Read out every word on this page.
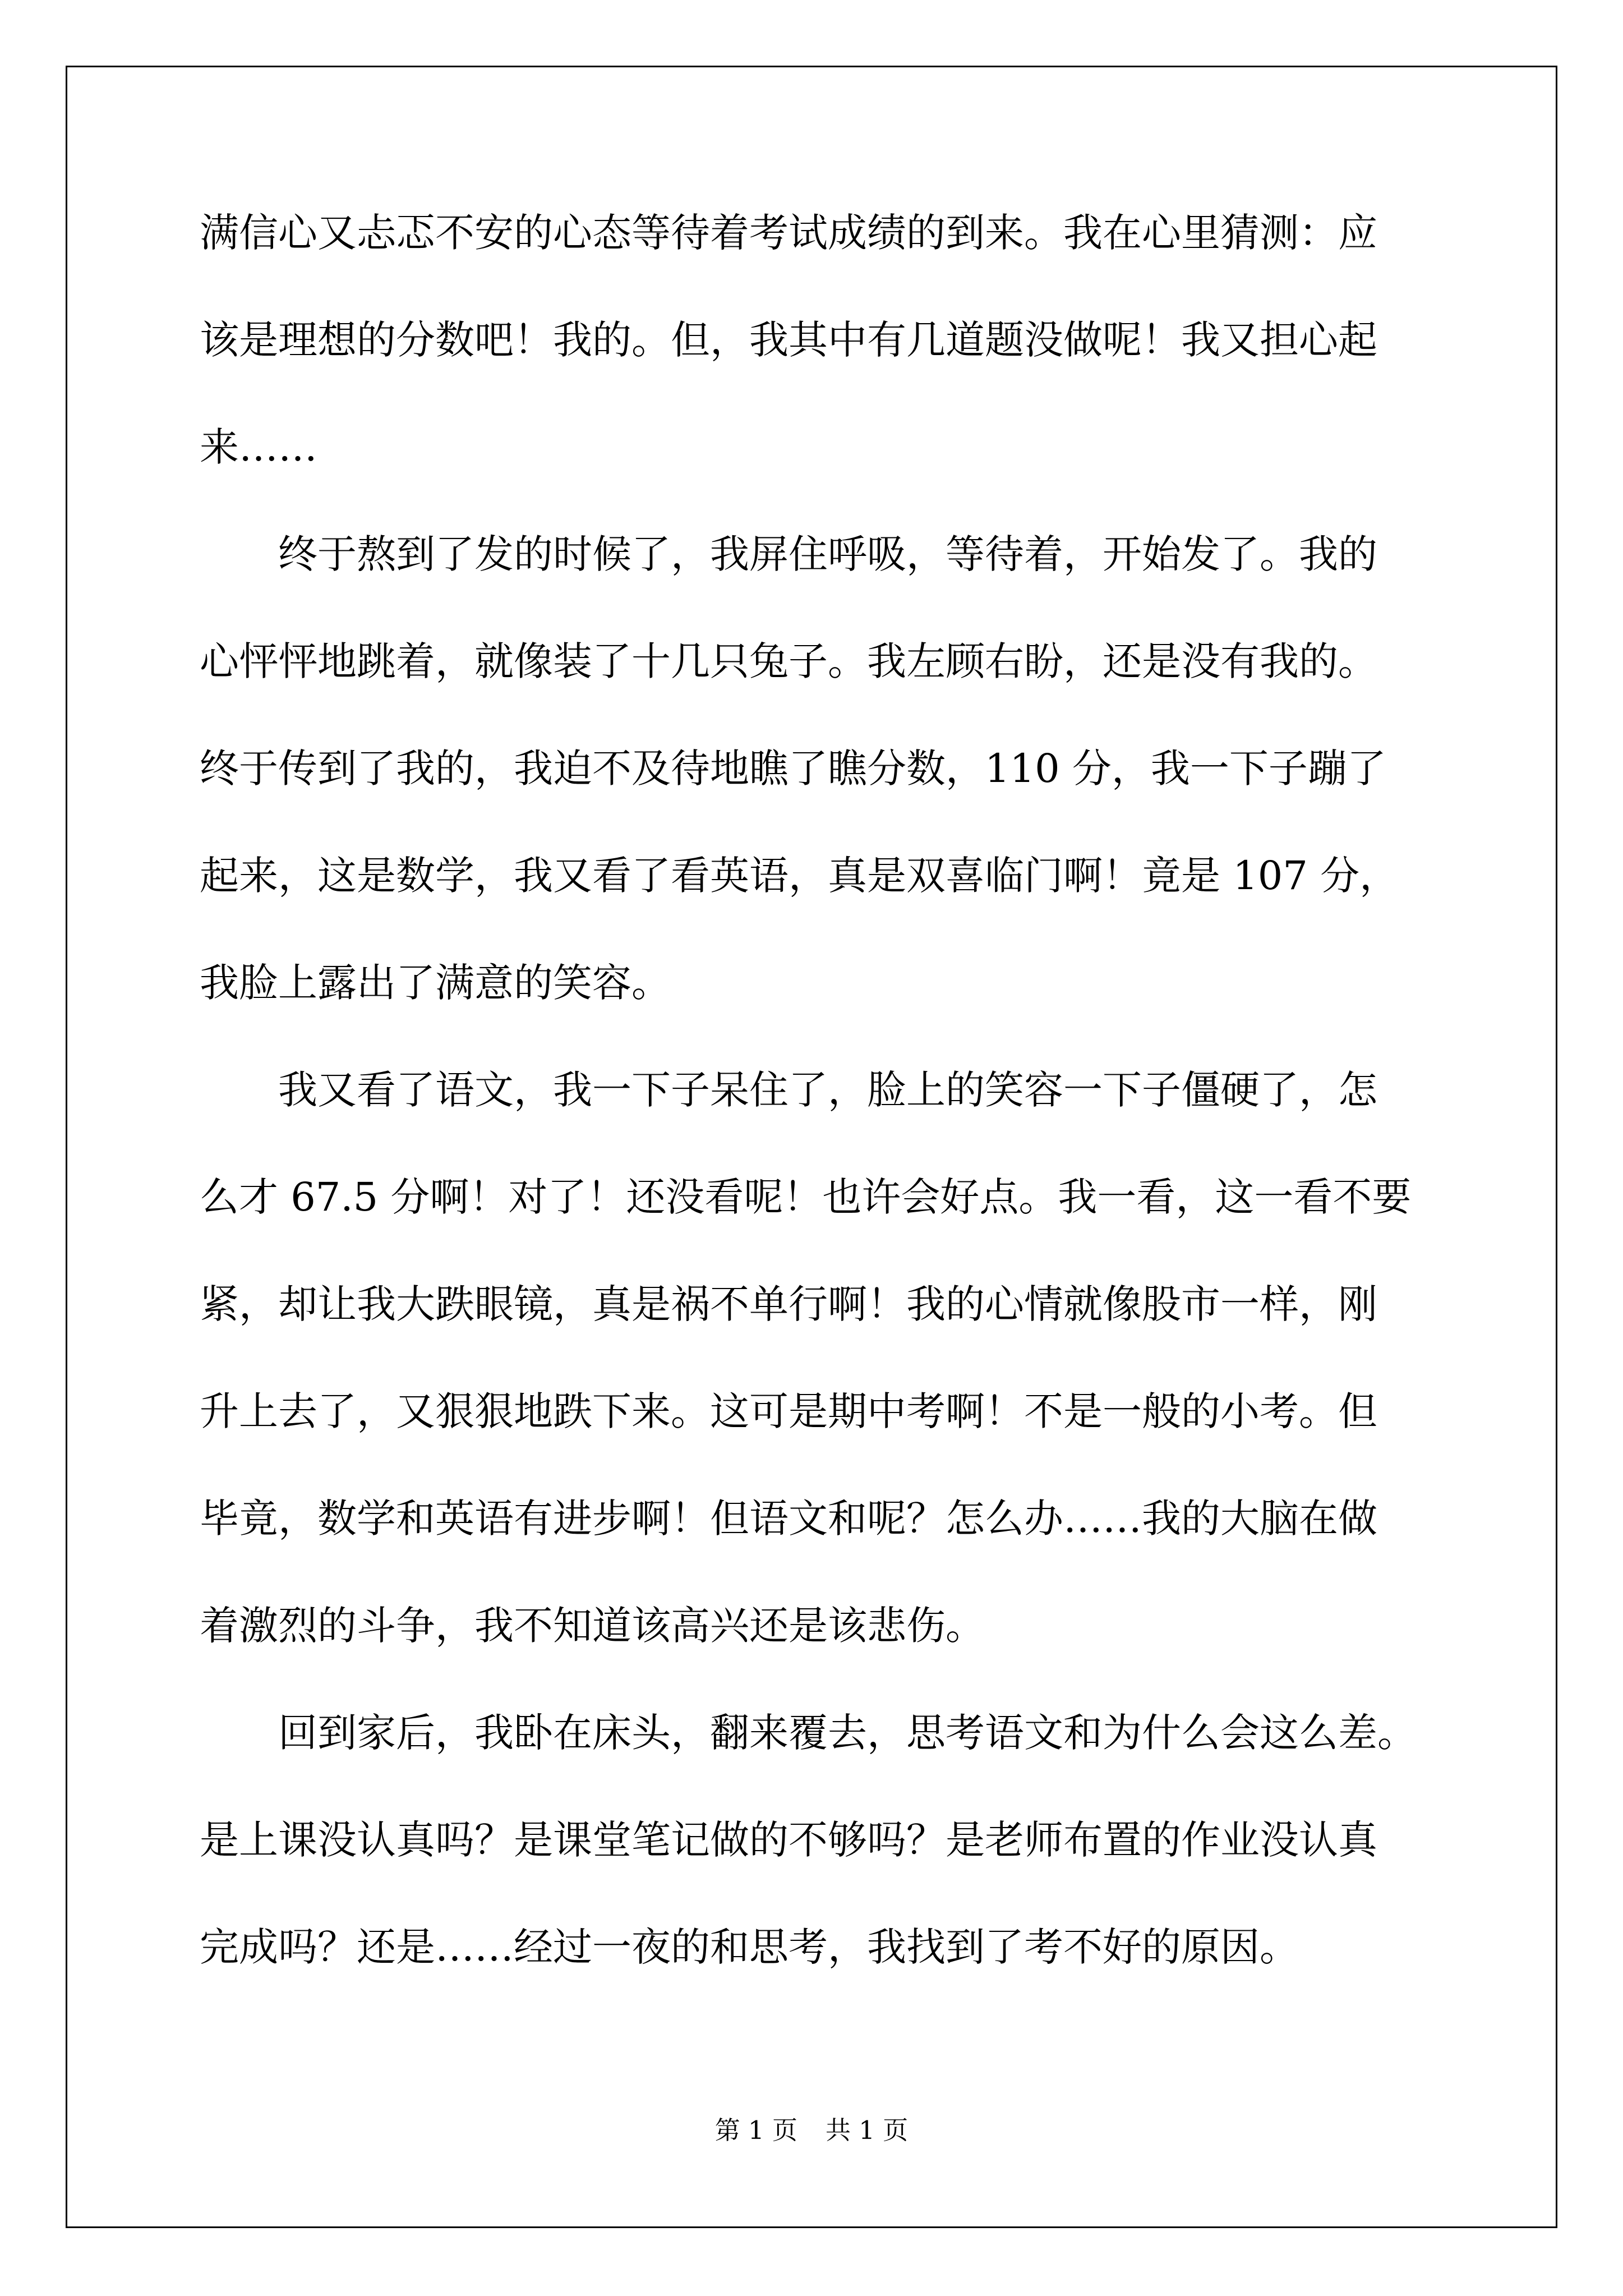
满信心又忐忑不安的心态等待着考试成绩的到来。我在心里猜测：应
该是理想的分数吧！我的。但，我其中有几道题没做呢！我又担心起
来……
终于熬到了发的时候了，我屏住呼吸，等待着，开始发了。我的
心怦怦地跳着，就像装了十几只兔子。我左顾右盼，还是没有我的。
终于传到了我的，我迫不及待地瞧了瞧分数，110 分，我一下子蹦了
起来，这是数学，我又看了看英语，真是双喜临门啊！竟是 107 分，
我脸上露出了满意的笑容。
我又看了语文，我一下子呆住了，脸上的笑容一下子僵硬了，怎
么才 67.5 分啊！对了！还没看呢！也许会好点。我一看，这一看不要
紧，却让我大跌眼镜，真是祸不单行啊！我的心情就像股市一样，刚
升上去了，又狠狠地跌下来。这可是期中考啊！不是一般的小考。但
毕竟，数学和英语有进步啊！但语文和呢？怎么办……我的大脑在做
着激烈的斗争，我不知道该高兴还是该悲伤。
回到家后，我卧在床头，翻来覆去，思考语文和为什么会这么差。
是上课没认真吗？是课堂笔记做的不够吗？是老师布置的作业没认真
完成吗？还是……经过一夜的和思考，我找到了考不好的原因。
第 1 页 共 1 页
